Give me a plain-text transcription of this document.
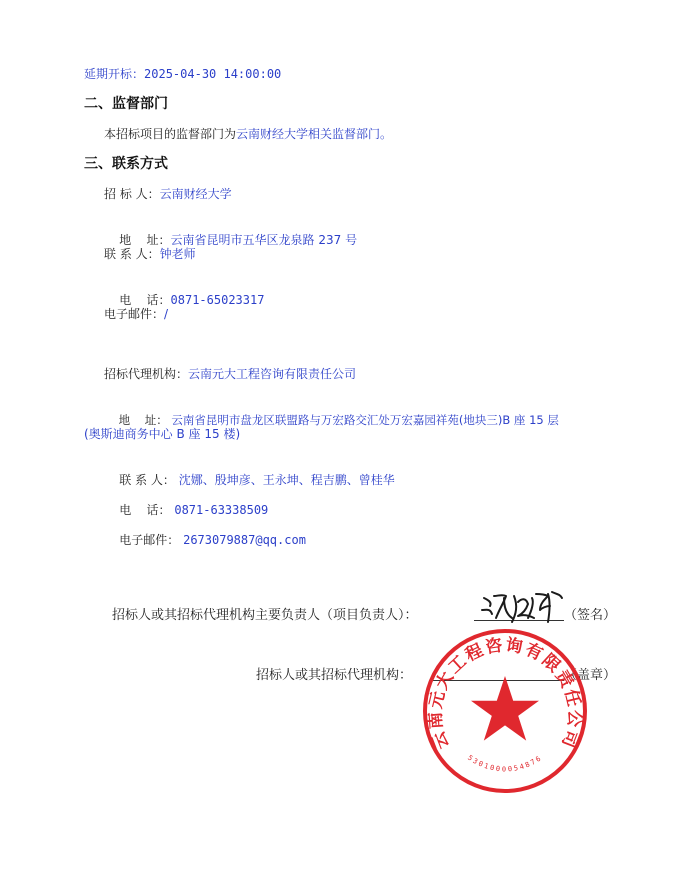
延期开标：2025-04-30 14:00:00
二、监督部门
本招标项目的监督部门为云南财经大学相关监督部门。
三、联系方式
招 标 人：云南财经大学

地    址：云南省昆明市五华区龙泉路 237 号

联 系 人：钟老师

电    话：0871-65023317

电子邮件：/
招标代理机构：云南元大工程咨询有限责任公司

地    址： 云南省昆明市盘龙区联盟路与万宏路交汇处万宏嘉园祥苑(地块三)B 座 15 层

(奥斯迪商务中心 B 座 15 楼)

联 系 人： 沈娜、殷坤彦、王永坤、程吉鹏、曾桂华

电    话： 0871-63338509

电子邮件： 2673079887@qq.com

招标人或其招标代理机构主要负责人（项目负责人）：	（签名）
招标人或其招标代理机构：	（盖章）
云南元大工程咨询有限责任公司
5301000054876
